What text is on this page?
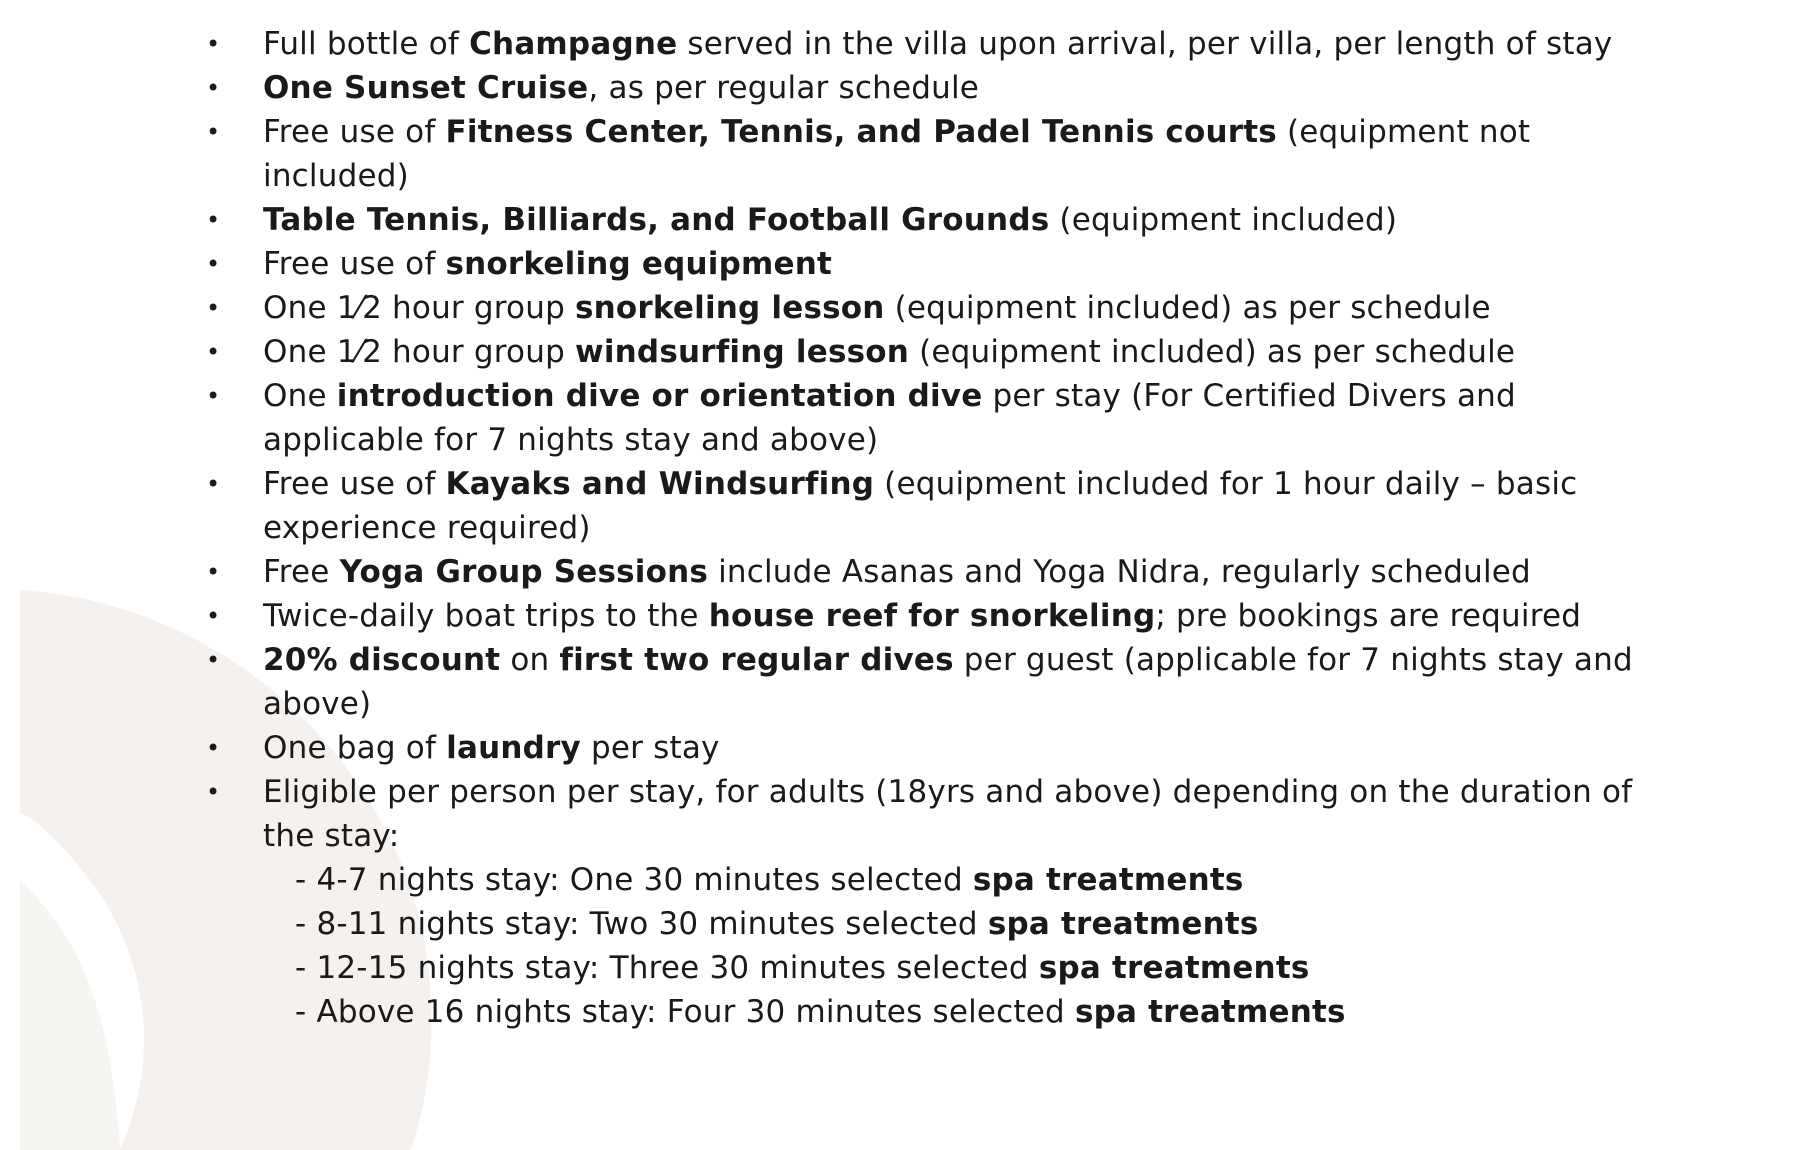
• Full bottle of Champagne served in the villa upon arrival, per villa, per length of stay
• One Sunset Cruise, as per regular schedule
• Free use of Fitness Center, Tennis, and Padel Tennis courts (equipment not included)
• Table Tennis, Billiards, and Football Grounds (equipment included)
• Free use of snorkeling equipment
• One 1⁄2 hour group snorkeling lesson (equipment included) as per schedule
• One 1⁄2 hour group windsurfing lesson (equipment included) as per schedule
• One introduction dive or orientation dive per stay (For Certified Divers and applicable for 7 nights stay and above)
• Free use of Kayaks and Windsurfing (equipment included for 1 hour daily – basic experience required)
• Free Yoga Group Sessions include Asanas and Yoga Nidra, regularly scheduled
• Twice-daily boat trips to the house reef for snorkeling; pre bookings are required
• 20% discount on first two regular dives per guest (applicable for 7 nights stay and above)
• One bag of laundry per stay
• Eligible per person per stay, for adults (18yrs and above) depending on the duration of the stay:
- 4-7 nights stay: One 30 minutes selected spa treatments
- 8-11 nights stay: Two 30 minutes selected spa treatments
- 12-15 nights stay: Three 30 minutes selected spa treatments
- Above 16 nights stay: Four 30 minutes selected spa treatments
